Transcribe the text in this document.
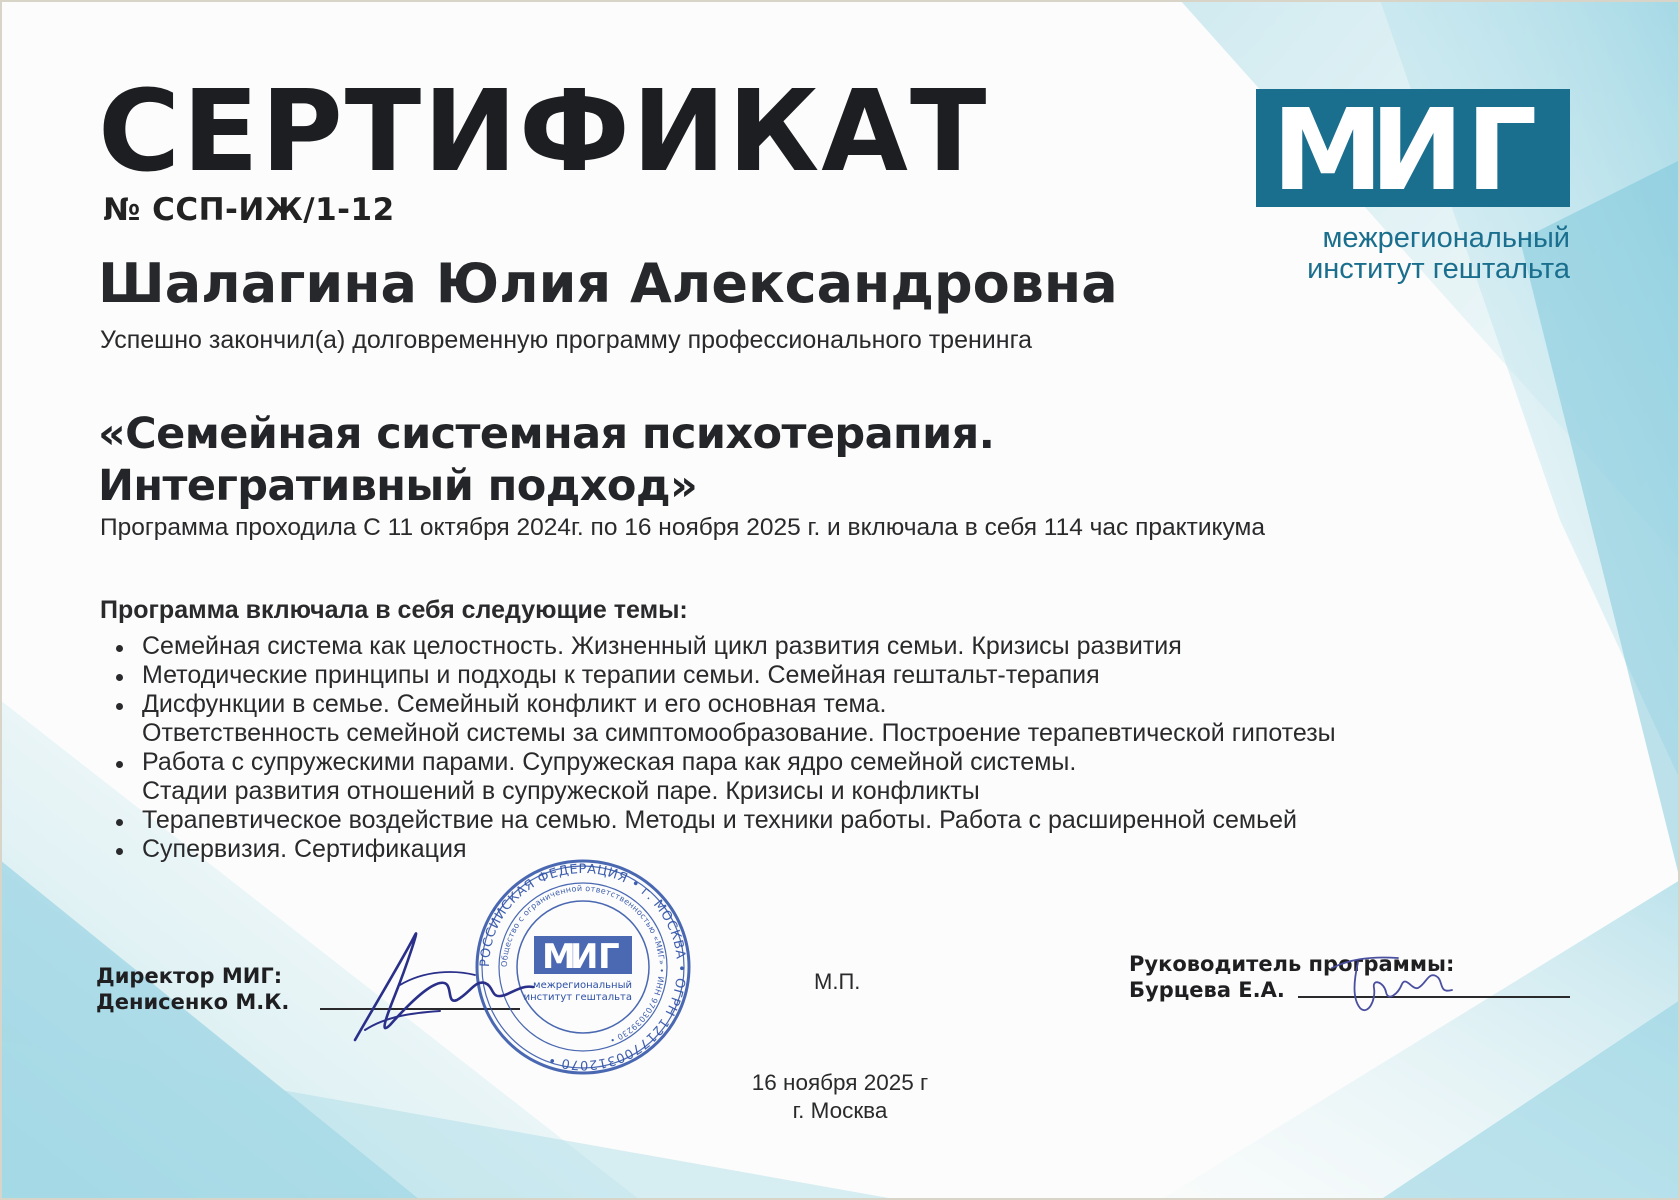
СЕРТИФИКАТ
№ ССП-ИЖ/1-12
Шалагина Юлия Александровна
Успешно закончил(а) долговременную программу профессионального тренинга
«Семейная системная психотерапия.
Интегративный подход»
Программа проходила С 11 октября 2024г. по 16 ноября 2025 г. и включала в себя 114 час практикума
Программа включала в себя следующие темы:
Семейная система как целостность. Жизненный цикл развития семьи. Кризисы развития
Методические принципы и подходы к терапии семьи. Семейная гештальт-терапия
Дисфункции в семье. Семейный конфликт и его основная тема.
Ответственность семейной системы за симптомообразование. Построение терапевтической гипотезы
Работа с супружескими парами. Супружеская пара как ядро семейной системы.
Стадии развития отношений в супружеской паре. Кризисы и конфликты
Терапевтическое воздействие на семью. Методы и техники работы. Работа с расширенной семьей
Супервизия. Сертификация
М
И Г
межрегиональный
институт гештальта
Директор МИГ:
Денисенко М.К.
М.П.
Руководитель программы:
Бурцева Е.А.
РОССИЙСКАЯ ФЕДЕРАЦИЯ • г. МОСКВА • ОГРН 1217700312070 •
Общество с ограниченной ответственностью «МИГ» • ИНН 9703039230 •
М
И Г
межрегиональный
институт гештальта
16 ноября 2025 г
г. Москва
